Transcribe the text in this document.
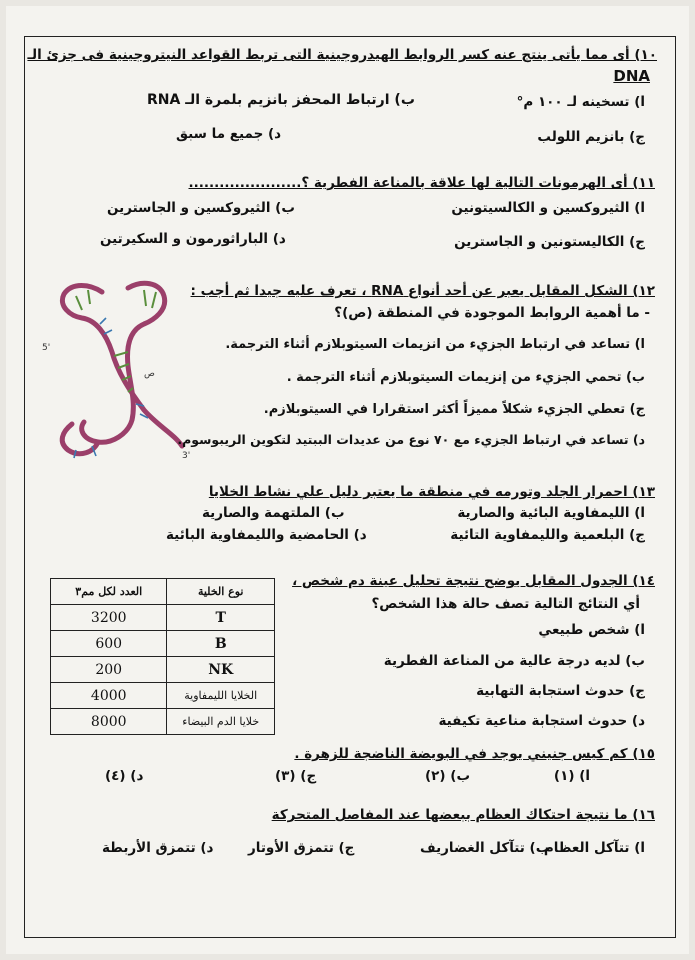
١٠) أى مما يأتى ينتج عنه كسر الروابط الهيدروجينية التى تربط القواعد النيتروجينية فى جزئ الـ
DNA
ا) تسخينه لـ ١٠٠ م°
ب) ارتباط المحفز بانزيم بلمرة الـ RNA
ج) بانزيم اللولب
د) جميع ما سبق
١١) أى الهرمونات التالية لها علاقة بالمناعة الفطرية ؟......................
ا) الثيروكسين و الكالسيتونين
ب) الثيروكسين و الجاسترين
ج) الكاليستونين و الجاسترين
د) الباراثورمون و السكيرتين
5'
3'
ص
١٢) الشكل المقابل يعبر عن أحد أنواع RNA ، تعرف عليه جيدا ثم أجب :
- ما أهمية الروابط الموجودة في المنطقة (ص)؟
ا) تساعد في ارتباط الجزيء من انزيمات السيتوبلازم أثناء الترجمة.
ب) تحمي الجزيء من إنزيمات السيتوبلازم أثناء الترجمة .
ج) تعطي الجزيء شكلاً مميزاً أكثر استقرارا في السيتوبلازم.
د) تساعد في ارتباط الجزيء مع ٧٠ نوع من عديدات الببتيد لتكوين الريبوسوم.
١٣) احمرار الجلد وتورمه في منطقة ما يعتبر دليل علي نشاط الخلايا
ا) الليمفاوية البائية والصارية
ب) الملتهمة والصارية
ج) البلعمية والليمفاوية التائية
د) الحامضية والليمفاوية البائية
العدد لكل مم٣	نوع الخلية
3200	T
600	B
200	NK
4000	الخلايا الليمفاوية
8000	خلايا الدم البيضاء
١٤) الجدول المقابل يوضح نتيجة تحليل عينة دم شخص ،
أي النتائج التالية تصف حالة هذا الشخص؟
ا) شخص طبيعي
ب) لديه درجة عالية من المناعة الفطرية
ج) حدوث استجابة التهابية
د) حدوث استجابة مناعية تكيفية
١٥) كم كيس جنيني يوجد في البويضة الناضجة للزهرة .
ا) (١)
ب) (٢)
ج) (٣)
د) (٤)
١٦) ما نتيجة احتكاك العظام ببعضها عند المفاصل المتحركة
ا) تتآكل العظام
ب) تتآكل الغضاريف
ج) تتمزق الأوتار
د) تتمزق الأربطة
